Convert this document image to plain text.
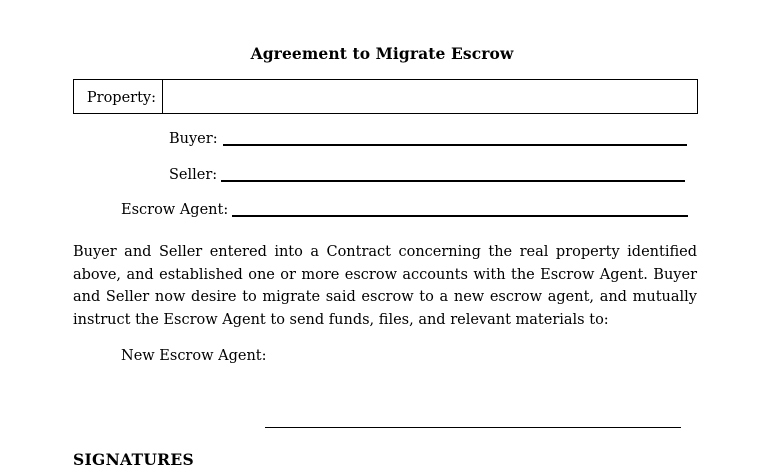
Agreement to Migrate Escrow
Property:
Buyer:
Seller:
Escrow Agent:
Buyer and Seller entered into a Contract concerning the real property identified above, and established one or more escrow accounts with the Escrow Agent. Buyer and Seller now desire to migrate said escrow to a new escrow agent, and mutually instruct the Escrow Agent to send funds, files, and relevant materials to:
New Escrow Agent:
SIGNATURES
